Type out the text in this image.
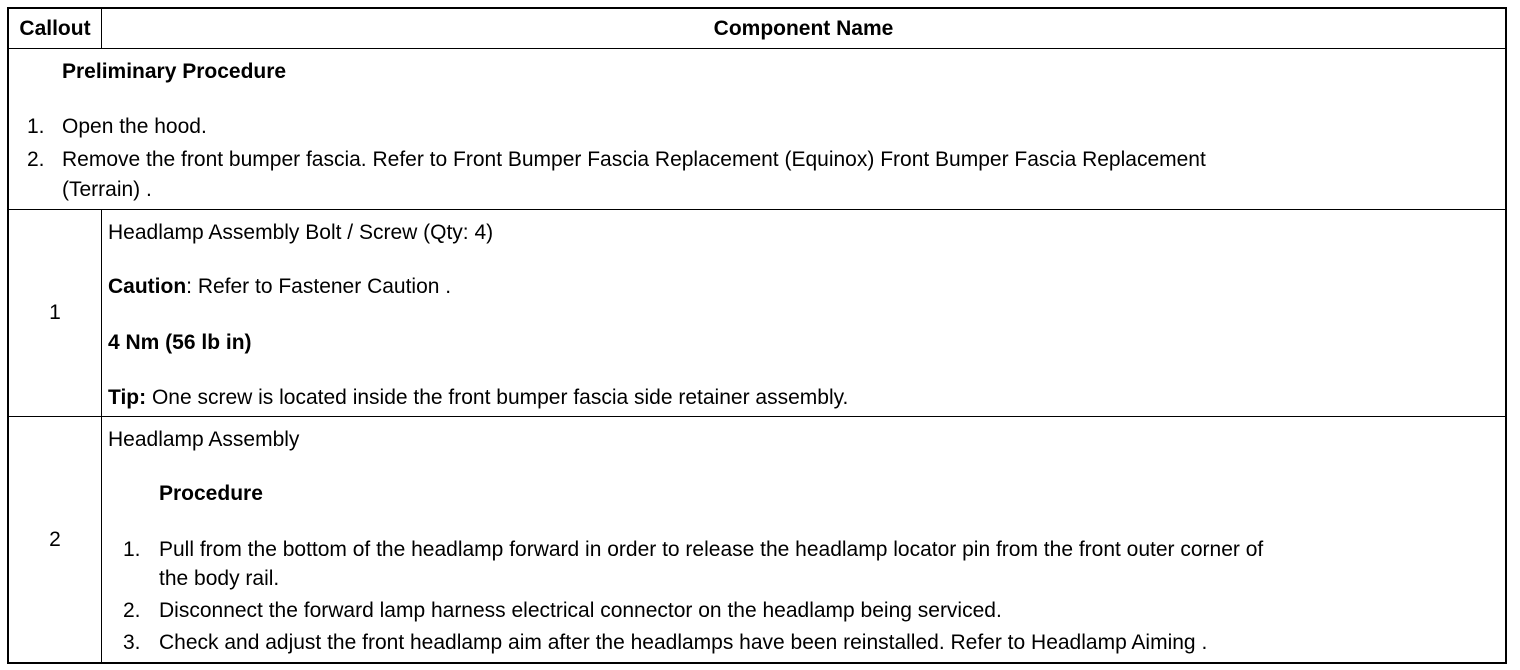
Callout	Component Name
Preliminary Procedure
1. Open the hood.
2. Remove the front bumper fascia. Refer to Front Bumper Fascia Replacement (Equinox) Front Bumper Fascia Replacement
(Terrain) .
1
Headlamp Assembly Bolt / Screw (Qty: 4)
Caution: Refer to Fastener Caution .
4 Nm (56 lb in)
Tip: One screw is located inside the front bumper fascia side retainer assembly.
2
Headlamp Assembly
Procedure
1. Pull from the bottom of the headlamp forward in order to release the headlamp locator pin from the front outer corner of
the body rail.
2. Disconnect the forward lamp harness electrical connector on the headlamp being serviced.
3. Check and adjust the front headlamp aim after the headlamps have been reinstalled. Refer to Headlamp Aiming .
